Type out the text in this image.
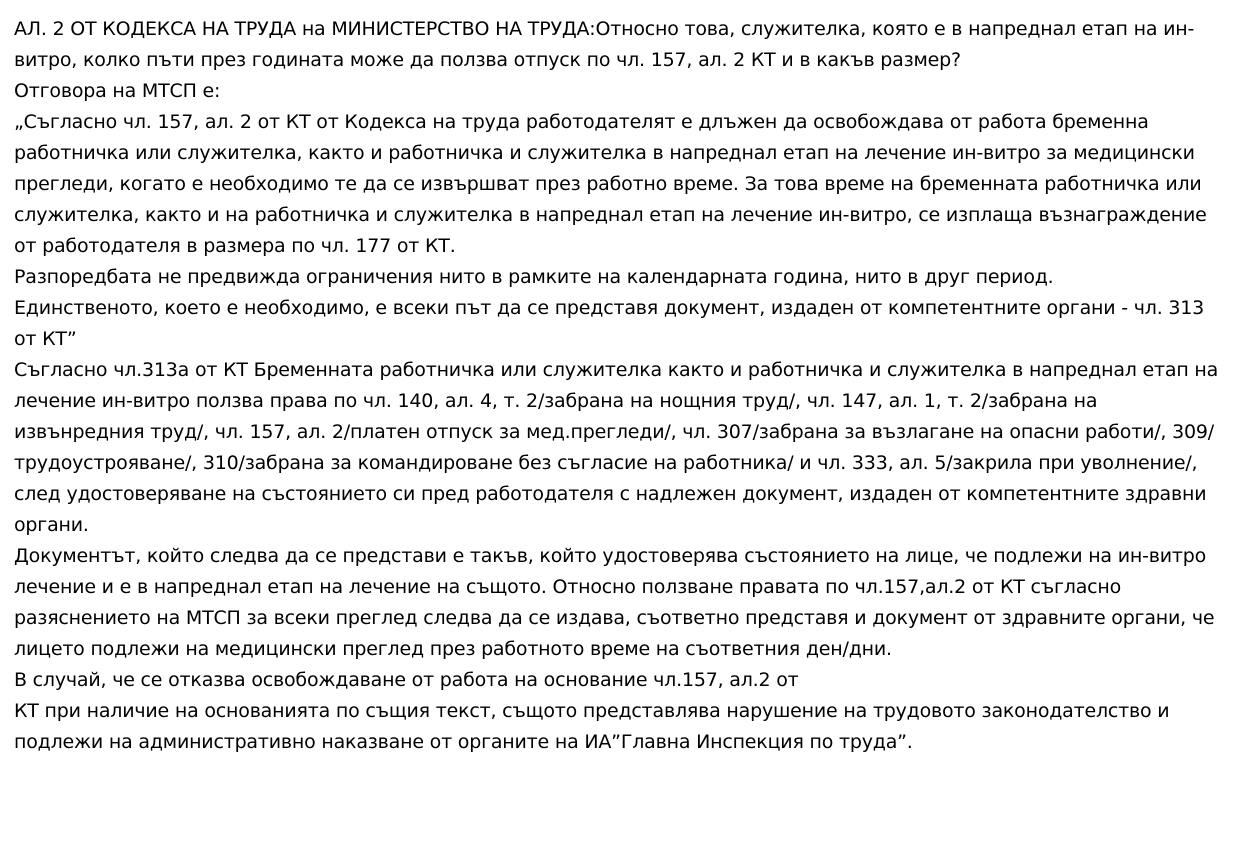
АЛ. 2 ОТ КОДЕКСА НА ТРУДА на МИНИСТЕРСТВО НА ТРУДА:Относно това, служителка, която е в напреднал етап на ин-витро, колко пъти през годината може да ползва отпуск по чл. 157, ал. 2 КТ и в какъв размер?

Отговора на МТСП е:

„Съгласно чл. 157, ал. 2 от КТ от Кодекса на труда работодателят е длъжен да освобождава от работа бременна работничка или служителка, както и работничка и служителка в напреднал етап на лечение ин-витро за медицински прегледи, когато е необходимо те да се извършват през работно време. За това време на бременната работничка или служителка, както и на работничка и служителка в напреднал етап на лечение ин-витро, се изплаща възнаграждение от работодателя в размера по чл. 177 от КТ.

Разпоредбата не предвижда ограничения нито в рамките на календарната година, нито в друг период.

Единственото, което е необходимо, е всеки път да се представя документ, издаден от компетентните органи - чл. 313 от КТ”

Съгласно чл.313а от КТ Бременната работничка или служителка както и работничка и служителка в напреднал етап на лечение ин-витро ползва права по чл. 140, ал. 4, т. 2/забрана на нощния труд/, чл. 147, ал. 1, т. 2/забрана на извънредния труд/, чл. 157, ал. 2/платен отпуск за мед.прегледи/, чл. 307/забрана за възлагане на опасни работи/, 309/трудоустрояване/, 310/забрана за командироване без съгласие на работника/ и чл. 333, ал. 5/закрила при уволнение/, след удостоверяване на състоянието си пред работодателя с надлежен документ, издаден от компетентните здравни органи.

Документът, който следва да се представи е такъв, който удостоверява състоянието на лице, че подлежи на ин-витро лечение и е в напреднал етап на лечение на същото. Относно ползване правата по чл.157,ал.2 от КТ съгласно разяснението на МТСП за всеки преглед следва да се издава, съответно представя и документ от здравните органи, че лицето подлежи на медицински преглед през работното време на съответния ден/дни.

В случай, че се отказва освобождаване от работа на основание чл.157, ал.2 от

КТ при наличие на основанията по същия текст, същото представлява нарушение на трудовото законодателство и подлежи на административно наказване от органите на ИА”Главна Инспекция по труда”.
